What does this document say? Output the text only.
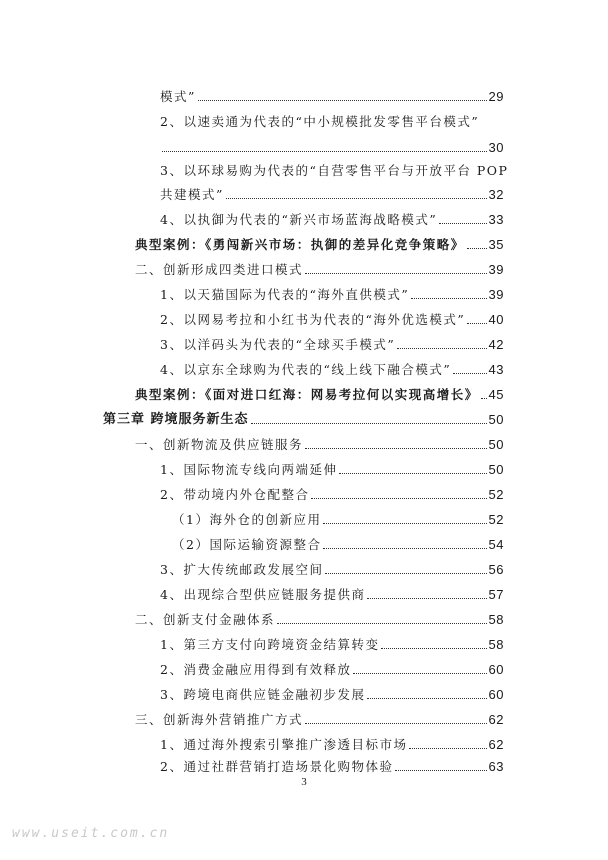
模式”	29
2、以速卖通为代表的“中小规模批发零售平台模式”
30
3、以环球易购为代表的“自营零售平台与开放平台 POP
共建模式”	32
4、以执御为代表的“新兴市场蓝海战略模式”	33
典型案例：《勇闯新兴市场：执御的差异化竞争策略》 35
二、创新形成四类进口模式	39
1、以天猫国际为代表的“海外直供模式”	39
2、以网易考拉和小红书为代表的“海外优选模式” 40
3、以洋码头为代表的“全球买手模式”	42
4、以京东全球购为代表的“线上线下融合模式”	43
典型案例：《面对进口红海：网易考拉何以实现高增长》 45
第三章 跨境服务新生态	50
一、创新物流及供应链服务	50
1、国际物流专线向两端延伸	50
2、带动境内外仓配整合	52
（1）海外仓的创新应用	52
（2）国际运输资源整合	54
3、扩大传统邮政发展空间	56
4、出现综合型供应链服务提供商	57
二、创新支付金融体系	58
1、第三方支付向跨境资金结算转变	58
2、消费金融应用得到有效释放	60
3、跨境电商供应链金融初步发展	60
三、创新海外营销推广方式	62
1、通过海外搜索引擎推广渗透目标市场	62
2、通过社群营销打造场景化购物体验	63
3
www.useit.com.cn
